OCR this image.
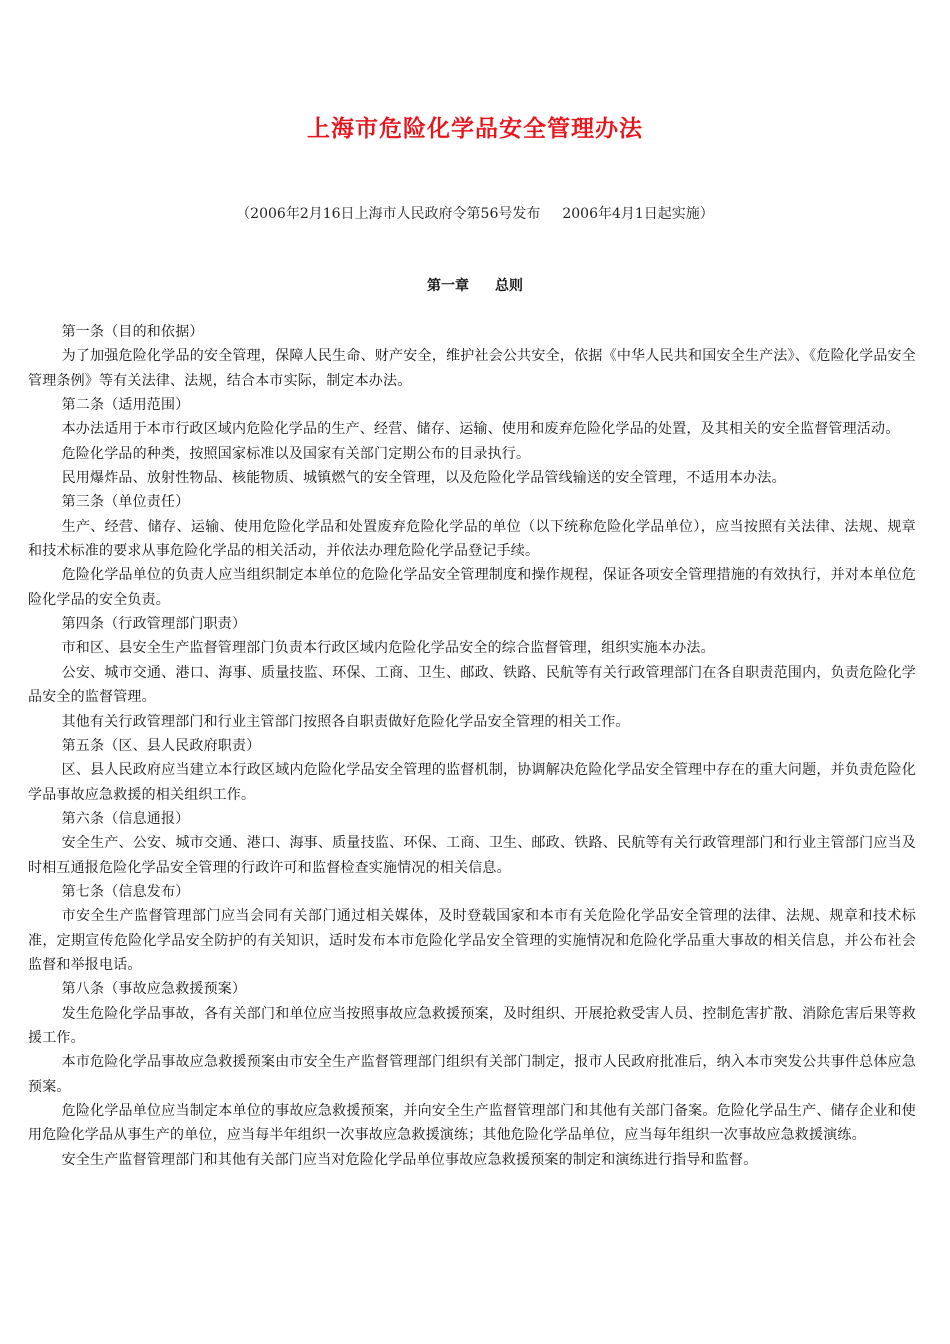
上海市危险化学品安全管理办法
（2006年2月16日上海市人民政府令第56号发布 2006年4月1日起实施）
第一章 总则

第一条（目的和依据）

为了加强危险化学品的安全管理，保障人民生命、财产安全，维护社会公共安全，依据《中华人民共和国安全生产法》、《危险化学品安全管理条例》等有关法律、法规，结合本市实际，制定本办法。

第二条（适用范围）

本办法适用于本市行政区域内危险化学品的生产、经营、储存、运输、使用和废弃危险化学品的处置，及其相关的安全监督管理活动。

危险化学品的种类，按照国家标准以及国家有关部门定期公布的目录执行。

民用爆炸品、放射性物品、核能物质、城镇燃气的安全管理，以及危险化学品管线输送的安全管理，不适用本办法。

第三条（单位责任）

生产、经营、储存、运输、使用危险化学品和处置废弃危险化学品的单位（以下统称危险化学品单位），应当按照有关法律、法规、规章和技术标准的要求从事危险化学品的相关活动，并依法办理危险化学品登记手续。

危险化学品单位的负责人应当组织制定本单位的危险化学品安全管理制度和操作规程，保证各项安全管理措施的有效执行，并对本单位危险化学品的安全负责。

第四条（行政管理部门职责）

市和区、县安全生产监督管理部门负责本行政区域内危险化学品安全的综合监督管理，组织实施本办法。

公安、城市交通、港口、海事、质量技监、环保、工商、卫生、邮政、铁路、民航等有关行政管理部门在各自职责范围内，负责危险化学品安全的监督管理。

其他有关行政管理部门和行业主管部门按照各自职责做好危险化学品安全管理的相关工作。

第五条（区、县人民政府职责）

区、县人民政府应当建立本行政区域内危险化学品安全管理的监督机制，协调解决危险化学品安全管理中存在的重大问题，并负责危险化学品事故应急救援的相关组织工作。

第六条（信息通报）

安全生产、公安、城市交通、港口、海事、质量技监、环保、工商、卫生、邮政、铁路、民航等有关行政管理部门和行业主管部门应当及时相互通报危险化学品安全管理的行政许可和监督检查实施情况的相关信息。

第七条（信息发布）

市安全生产监督管理部门应当会同有关部门通过相关媒体，及时登载国家和本市有关危险化学品安全管理的法律、法规、规章和技术标准，定期宣传危险化学品安全防护的有关知识，适时发布本市危险化学品安全管理的实施情况和危险化学品重大事故的相关信息，并公布社会监督和举报电话。

第八条（事故应急救援预案）

发生危险化学品事故，各有关部门和单位应当按照事故应急救援预案，及时组织、开展抢救受害人员、控制危害扩散、消除危害后果等救援工作。

本市危险化学品事故应急救援预案由市安全生产监督管理部门组织有关部门制定，报市人民政府批准后，纳入本市突发公共事件总体应急预案。

危险化学品单位应当制定本单位的事故应急救援预案，并向安全生产监督管理部门和其他有关部门备案。危险化学品生产、储存企业和使用危险化学品从事生产的单位，应当每半年组织一次事故应急救援演练；其他危险化学品单位，应当每年组织一次事故应急救援演练。

安全生产监督管理部门和其他有关部门应当对危险化学品单位事故应急救援预案的制定和演练进行指导和监督。
